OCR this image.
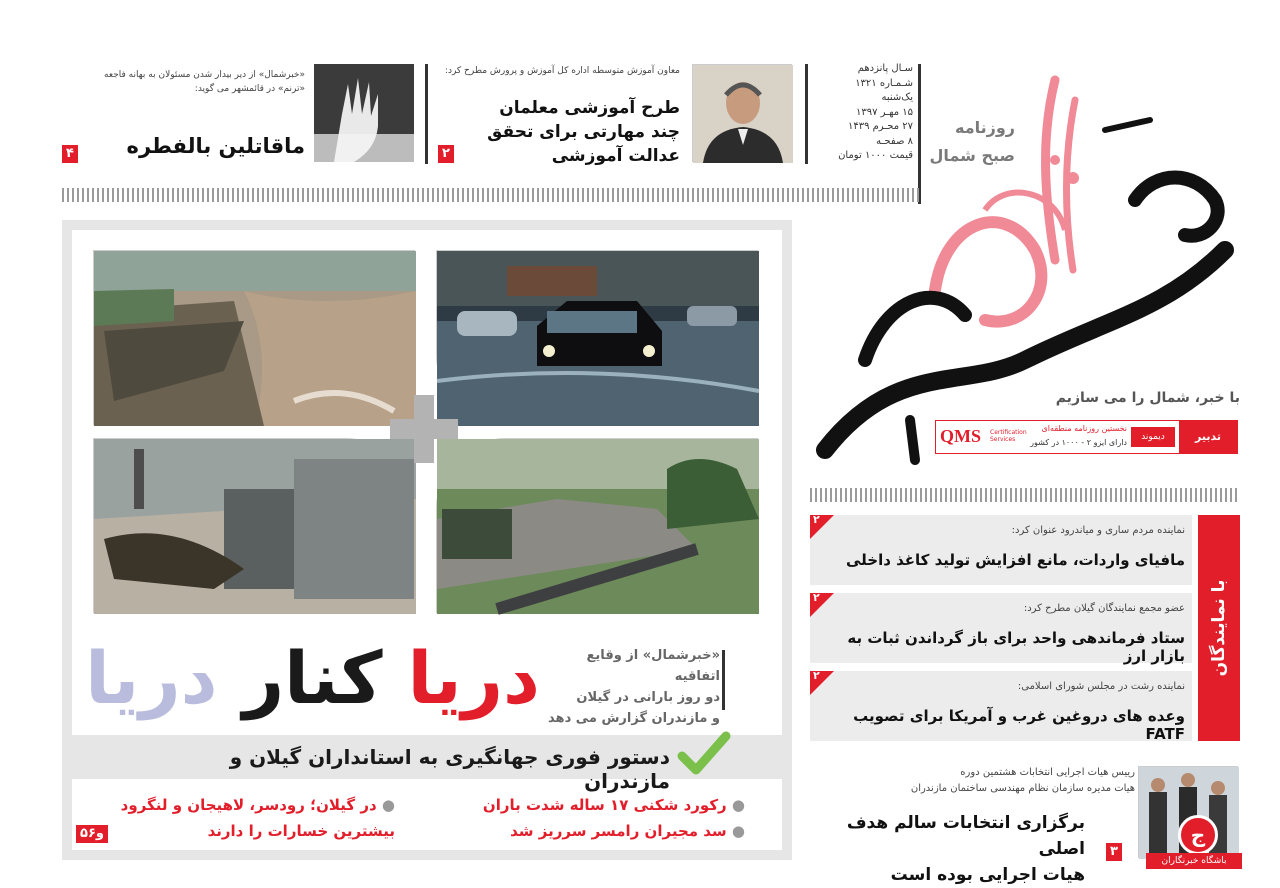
روزنامه
صبح شمال
سـال پانزدهم
شـمـاره ۱۳۲۱
یک‌شنبه
۱۵ مهـر ۱۳۹۷
۲۷ محـرم ۱۴۳۹
۸ صفحـه
قیمت ۱۰۰۰ تومان
با خبر، شمال را می سازیم
تدبیر
دیموند
نخستین روزنامه منطقه‌ای
دارای ایزو ۲ - ۱۰۰۰ در کشور
QMS Certification Services
معاون آموزش متوسطه اداره کل آموزش و پرورش مطرح کرد:
طرح آموزشی معلمان
چند مهارتی برای تحقق
عدالت آموزشی
۲
«خبرشمال» از دیر بیدار شدن مسئولان به بهانه فاجعه
«ترنم» در قائمشهر می گوید:
ماقاتلین بالفطره
۴
دریا کنار دریا	«خبرشمال» از وقایع اتفاقیه
دو روز بارانی در گیلان
و مازندران گزارش می دهد
دستور فوری جهانگیری به استانداران گیلان و مازندران
● رکورد شکنی ۱۷ ساله شدت باران
● سد مجیران رامسر سرریز شد
● در گیلان؛ رودسر، لاهیجان و لنگرود
بیشترین خسارات را دارند
۵و۶
با نمایندگان
۲
نماینده مردم ساری و میاندرود عنوان کرد:
مافیای واردات، مانع افزایش تولید کاغذ داخلی
۲
عضو مجمع نمایندگان گیلان مطرح کرد:
ستاد فرماندهی واحد برای باز گرداندن ثبات به بازار ارز
۲
نماینده رشت در مجلس شورای اسلامی:
وعده های دروغین غرب و آمریکا برای تصویب FATF
رییس هیات اجرایی انتخابات هشتمین دوره
هیات مدیره سازمان نظام مهندسی ساختمان مازندران
برگزاری انتخابات سالم هدف اصلی
هیات اجرایی بوده است
۳
ج
باشگاه خبرنگاران
